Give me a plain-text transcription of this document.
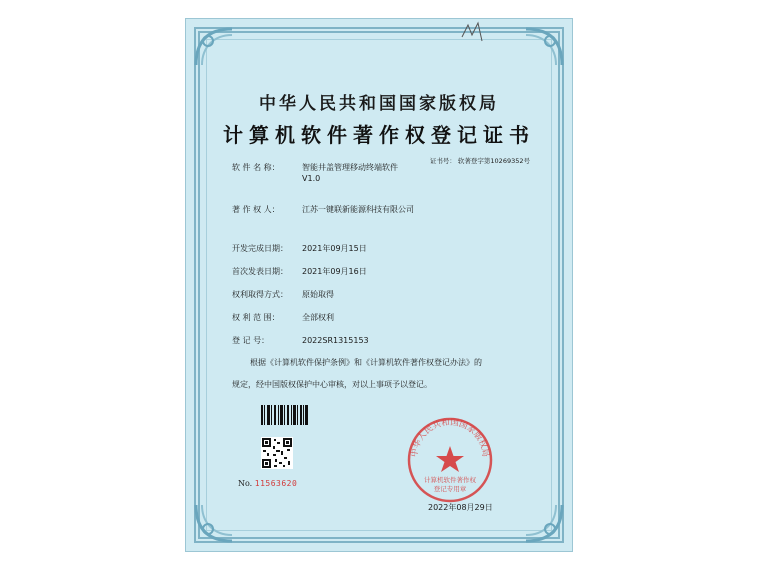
中华人民共和国国家版权局
计算机软件著作权登记证书
证书号： 软著登字第10269352号
软 件 名 称：	智能井盖管理移动终端软件
V1.0
著 作 权 人：	江苏一键联新能源科技有限公司
开发完成日期： 2021年09月15日
首次发表日期： 2021年09月16日
权利取得方式： 原始取得
权 利 范 围：	全部权利
登 记 号：	2022SR1315153
根据《计算机软件保护条例》和《计算机软件著作权登记办法》的
规定，经中国版权保护中心审核，对以上事项予以登记。
No. 11563620
中华人民共和国国家版权局
计算机软件著作权
登记专用章
2022年08月29日
